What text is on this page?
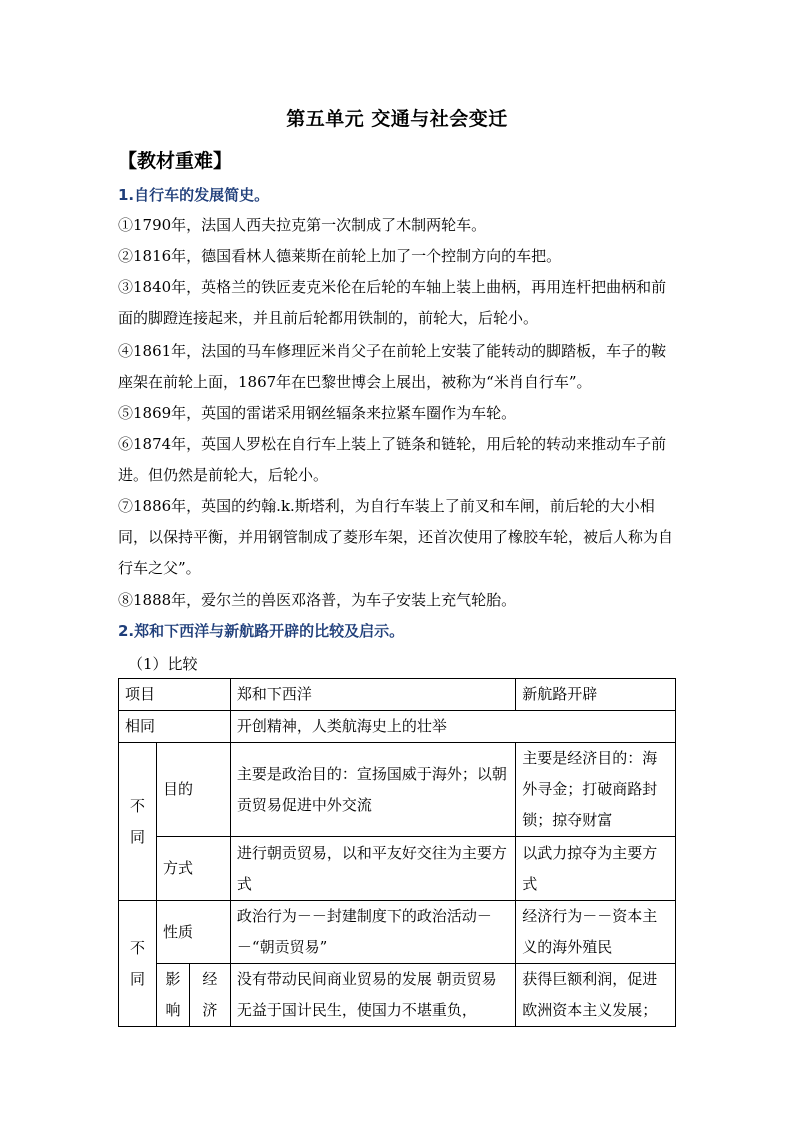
第五单元 交通与社会变迁
【教材重难】
1.自行车的发展简史。
①1790年，法国人西夫拉克第一次制成了木制两轮车。
②1816年，德国看林人德莱斯在前轮上加了一个控制方向的车把。
③1840年，英格兰的铁匠麦克米伦在后轮的车轴上装上曲柄，再用连杆把曲柄和前面的脚蹬连接起来，并且前后轮都用铁制的，前轮大，后轮小。
④1861年，法国的马车修理匠米肖父子在前轮上安装了能转动的脚踏板，车子的鞍座架在前轮上面，1867年在巴黎世博会上展出，被称为“米肖自行车”。
⑤1869年，英国的雷诺采用钢丝辐条来拉紧车圈作为车轮。
⑥1874年，英国人罗松在自行车上装上了链条和链轮，用后轮的转动来推动车子前进。但仍然是前轮大，后轮小。
⑦1886年，英国的约翰.k.斯塔利，为自行车装上了前叉和车闸，前后轮的大小相同，以保持平衡，并用钢管制成了菱形车架，还首次使用了橡胶车轮，被后人称为自行车之父”。
⑧1888年，爱尔兰的兽医邓洛普，为车子安装上充气轮胎。
2.郑和下西洋与新航路开辟的比较及启示。
（1）比较
项目			郑和下西洋	新航路开辟
相同			开创精神，人类航海史上的壮举	
不同	目的		主要是政治目的：宣扬国威于海外；以朝贡贸易促进中外交流	主要是经济目的：海外寻金；打破商路封锁；掠夺财富
	方式		进行朝贡贸易，以和平友好交往为主要方式	以武力掠夺为主要方式
不同	性质		政治行为－－封建制度下的政治活动－－“朝贡贸易”	经济行为－－资本主义的海外殖民
	影响	经济	没有带动民间商业贸易的发展 朝贡贸易无益于国计民生，使国力不堪重负，	获得巨额利润，促进欧洲资本主义发展；
